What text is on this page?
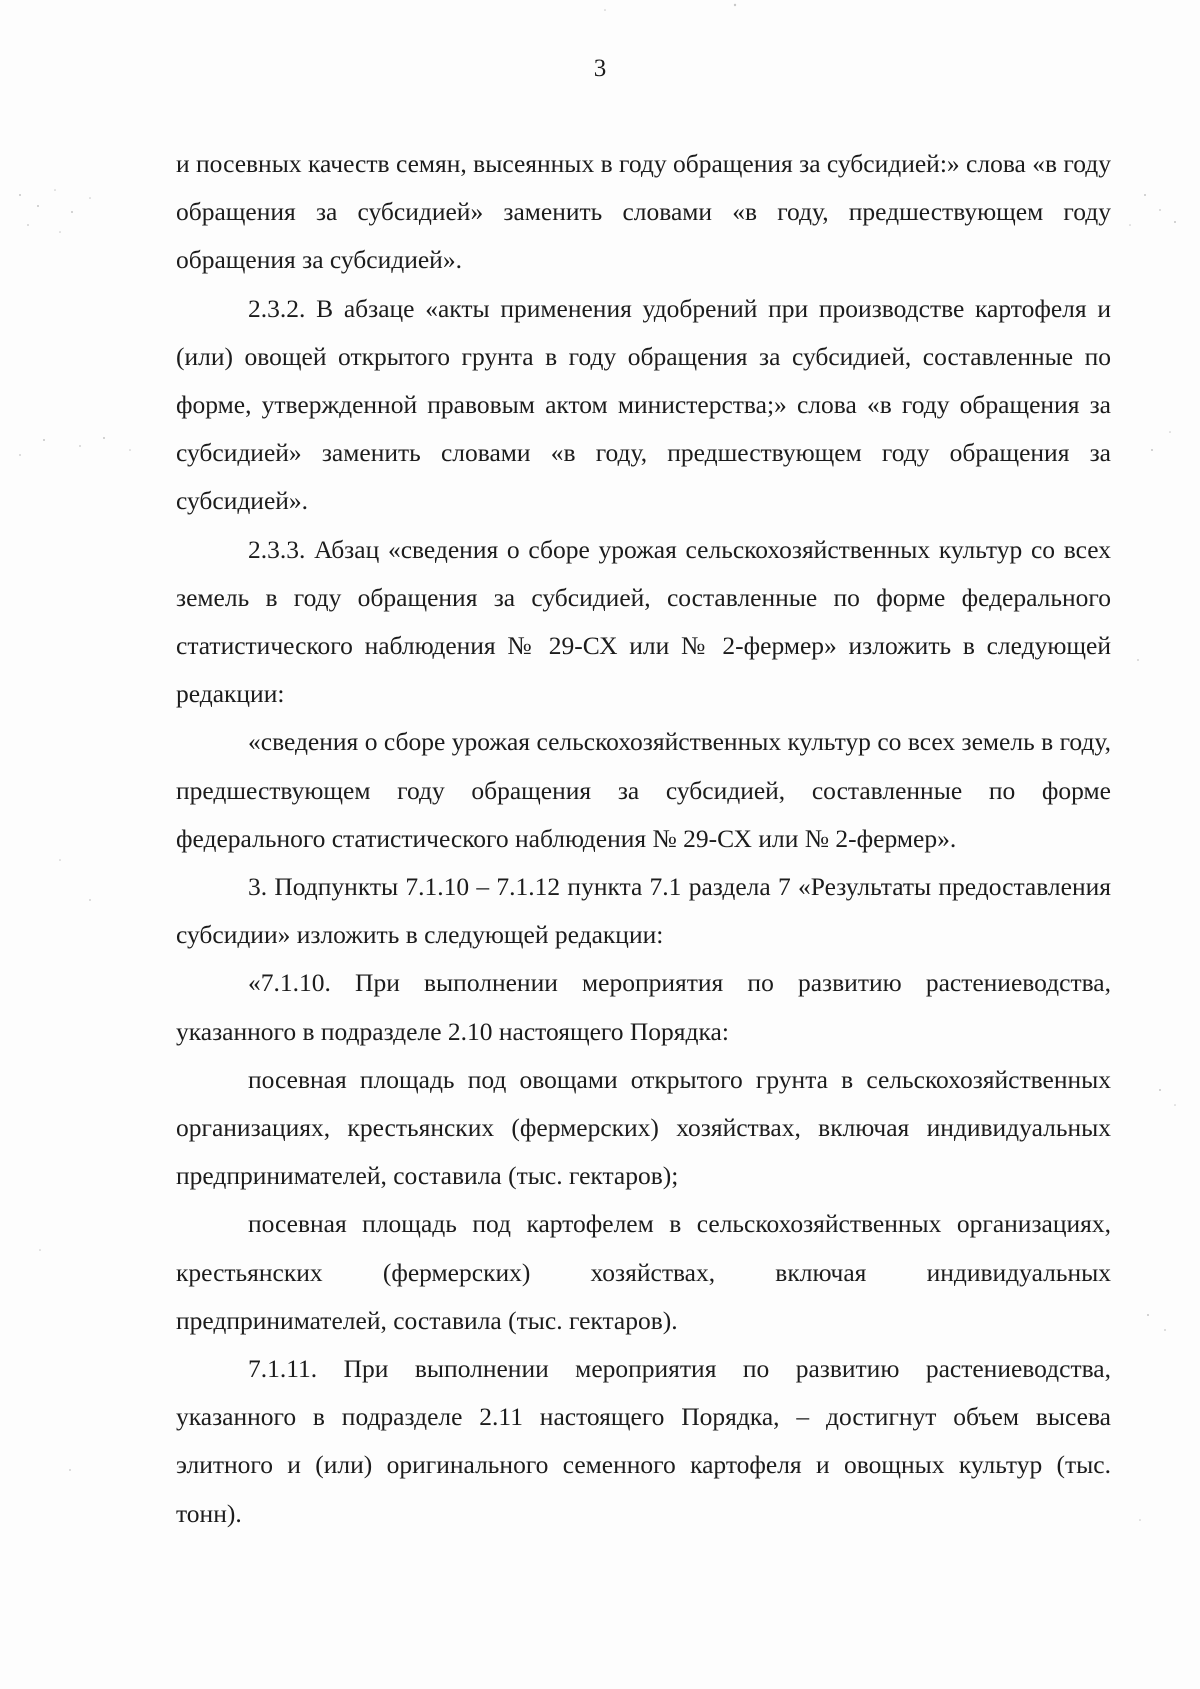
3

и посевных качеств семян, высеянных в году обращения за субсидией:» слова «в году обращения за субсидией» заменить словами «в году, предшествующем году обращения за субсидией».

2.3.2. В абзаце «акты применения удобрений при производстве картофеля и (или) овощей открытого грунта в году обращения за субсидией, составленные по форме, утвержденной правовым актом министерства;» слова «в году обращения за субсидией» заменить словами «в году, предшествующем году обращения за субсидией».

2.3.3. Абзац «сведения о сборе урожая сельскохозяйственных культур со всех земель в году обращения за субсидией, составленные по форме федерального статистического наблюдения № 29-СХ или № 2-фермер» изложить в следующей редакции:

«сведения о сборе урожая сельскохозяйственных культур со всех земель в году, предшествующем году обращения за субсидией, составленные по форме федерального статистического наблюдения № 29-СХ или № 2-фермер».

3. Подпункты 7.1.10 – 7.1.12 пункта 7.1 раздела 7 «Результаты предоставления субсидии» изложить в следующей редакции:

«7.1.10. При выполнении мероприятия по развитию растениеводства, указанного в подразделе 2.10 настоящего Порядка:

посевная площадь под овощами открытого грунта в сельскохозяйственных организациях, крестьянских (фермерских) хозяйствах, включая индивидуальных предпринимателей, составила (тыс. гектаров);

посевная площадь под картофелем в сельскохозяйственных организациях, крестьянских (фермерских) хозяйствах, включая индивидуальных предпринимателей, составила (тыс. гектаров).

7.1.11. При выполнении мероприятия по развитию растениеводства, указанного в подразделе 2.11 настоящего Порядка, – достигнут объем высева элитного и (или) оригинального семенного картофеля и овощных культур (тыс. тонн).
